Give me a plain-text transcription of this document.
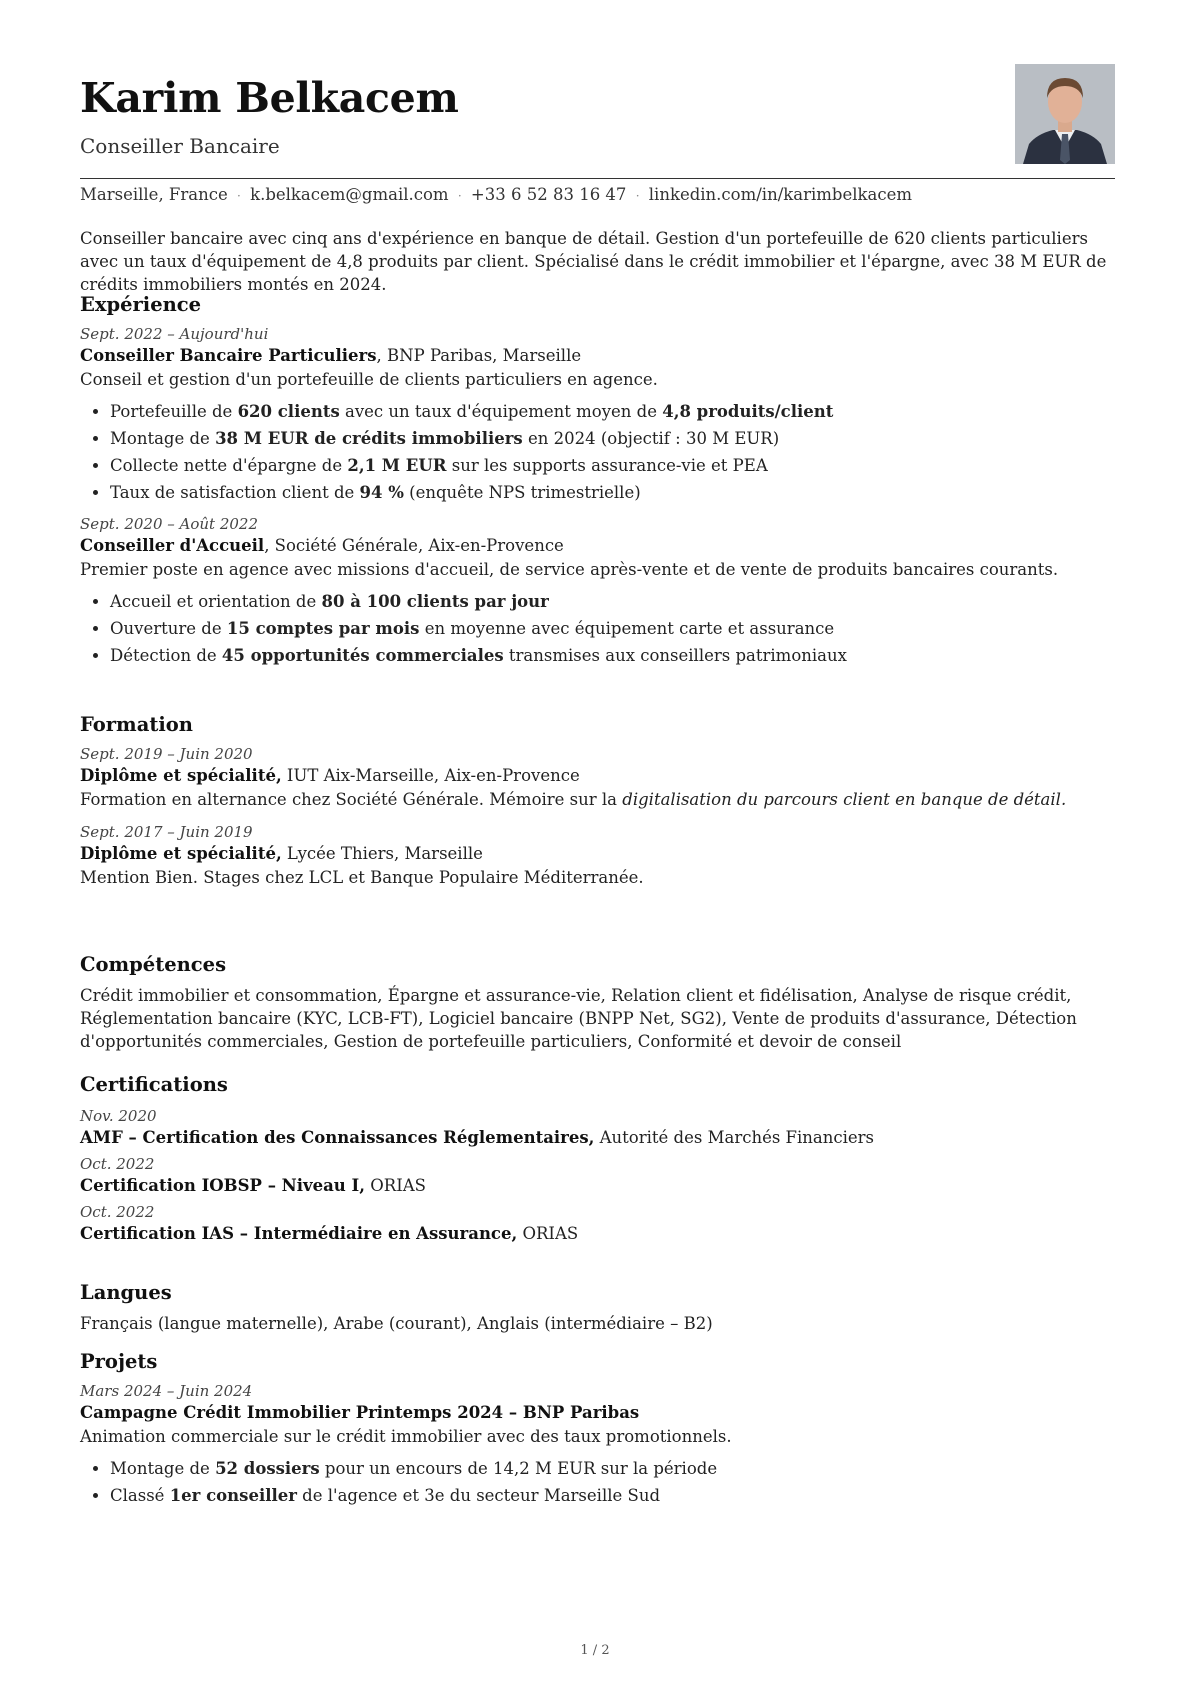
Karim Belkacem
Conseiller Bancaire
Marseille, France · k.belkacem@gmail.com · +33 6 52 83 16 47 · linkedin.com/in/karimbelkacem

Conseiller bancaire avec cinq ans d'expérience en banque de détail. Gestion d'un portefeuille de 620 clients particuliers avec un taux d'équipement de 4,8 produits par client. Spécialisé dans le crédit immobilier et l'épargne, avec 38 M EUR de crédits immobiliers montés en 2024.

Expérience
Sept. 2022 – Aujourd'hui
Conseiller Bancaire Particuliers, BNP Paribas, Marseille
Conseil et gestion d'un portefeuille de clients particuliers en agence.
• Portefeuille de 620 clients avec un taux d'équipement moyen de 4,8 produits/client
• Montage de 38 M EUR de crédits immobiliers en 2024 (objectif : 30 M EUR)
• Collecte nette d'épargne de 2,1 M EUR sur les supports assurance-vie et PEA
• Taux de satisfaction client de 94 % (enquête NPS trimestrielle)
Sept. 2020 – Août 2022
Conseiller d'Accueil, Société Générale, Aix-en-Provence
Premier poste en agence avec missions d'accueil, de service après-vente et de vente de produits bancaires courants.
• Accueil et orientation de 80 à 100 clients par jour
• Ouverture de 15 comptes par mois en moyenne avec équipement carte et assurance
• Détection de 45 opportunités commerciales transmises aux conseillers patrimoniaux
Formation
Sept. 2019 – Juin 2020
Diplôme et spécialité, IUT Aix-Marseille, Aix-en-Provence
Formation en alternance chez Société Générale. Mémoire sur la digitalisation du parcours client en banque de détail.
Sept. 2017 – Juin 2019
Diplôme et spécialité, Lycée Thiers, Marseille
Mention Bien. Stages chez LCL et Banque Populaire Méditerranée.
Compétences
Crédit immobilier et consommation, Épargne et assurance-vie, Relation client et fidélisation, Analyse de risque crédit, Réglementation bancaire (KYC, LCB-FT), Logiciel bancaire (BNPP Net, SG2), Vente de produits d'assurance, Détection d'opportunités commerciales, Gestion de portefeuille particuliers, Conformité et devoir de conseil
Certifications
Nov. 2020
AMF – Certification des Connaissances Réglementaires, Autorité des Marchés Financiers
Oct. 2022
Certification IOBSP – Niveau I, ORIAS
Oct. 2022
Certification IAS – Intermédiaire en Assurance, ORIAS
Langues
Français (langue maternelle), Arabe (courant), Anglais (intermédiaire – B2)
Projets
Mars 2024 – Juin 2024
Campagne Crédit Immobilier Printemps 2024 – BNP Paribas
Animation commerciale sur le crédit immobilier avec des taux promotionnels.
• Montage de 52 dossiers pour un encours de 14,2 M EUR sur la période
• Classé 1er conseiller de l'agence et 3e du secteur Marseille Sud
1 / 2
